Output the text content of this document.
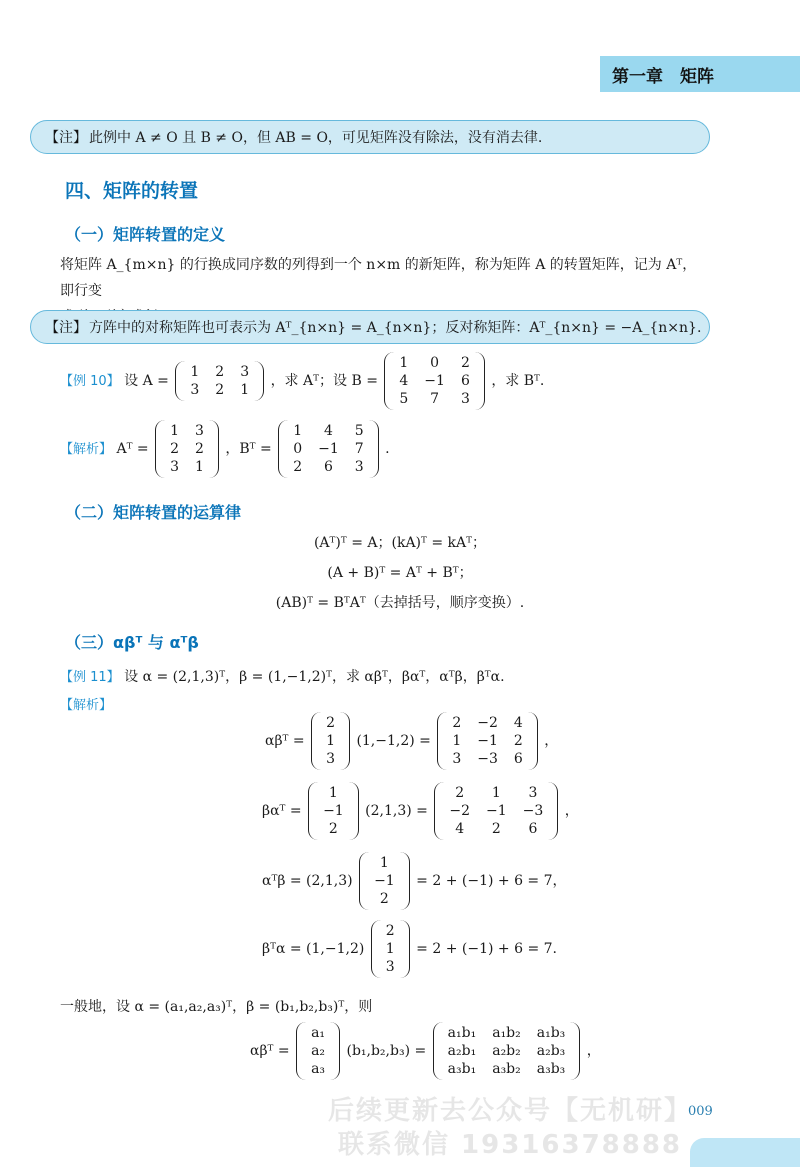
第一章　矩阵
【注】 此例中 A ≠ O 且 B ≠ O，但 AB = O，可见矩阵没有除法，没有消去律.
四、矩阵的转置
（一）矩阵转置的定义
将矩阵 A_{m×n} 的行换成同序数的列得到一个 n×m 的新矩阵，称为矩阵 A 的转置矩阵，记为 Aᵀ，即行变
【注】 方阵中的对称矩阵也可表示为 Aᵀ_{n×n} = A_{n×n}；反对称矩阵：Aᵀ_{n×n} = −A_{n×n}.
【例 10】 设 A =
1	2	3
3	2	1
，求 Aᵀ；设 B =
1	0	2
4	−1	6
5	7	3
，求 Bᵀ.
【解析】 Aᵀ =
1	3
2	2
3	1
，Bᵀ =
1	4	5
0	−1	7
2	6	3
.
（二）矩阵转置的运算律
(Aᵀ)ᵀ = A；(kA)ᵀ = kAᵀ；
(A + B)ᵀ = Aᵀ + Bᵀ；
(AB)ᵀ = BᵀAᵀ（去掉括号，顺序变换）.
（三）αβᵀ 与 αᵀβ
【例 11】 设 α = (2,1,3)ᵀ，β = (1,−1,2)ᵀ，求 αβᵀ，βαᵀ，αᵀβ，βᵀα.
【解析】
αβᵀ =
2
1
3
(1,−1,2) =
2	−2	4
1	−1	2
3	−3	6
，
βαᵀ =
1
−1
2
(2,1,3) =
2	1	3
−2	−1	−3
4	2	6
，
αᵀβ = (2,1,3)
1
−1
2
= 2 + (−1) + 6 = 7，
βᵀα = (1,−1,2)
2
1
3
= 2 + (−1) + 6 = 7.
一般地，设 α = (a₁,a₂,a₃)ᵀ，β = (b₁,b₂,b₃)ᵀ，则
αβᵀ =
a₁
a₂
a₃
(b₁,b₂,b₃) =
a₁b₁	a₁b₂	a₁b₃
a₂b₁	a₂b₂	a₂b₃
a₃b₁	a₃b₂	a₃b₃
，
后续更新去公众号【无机研】
联系微信 19316378888
009
